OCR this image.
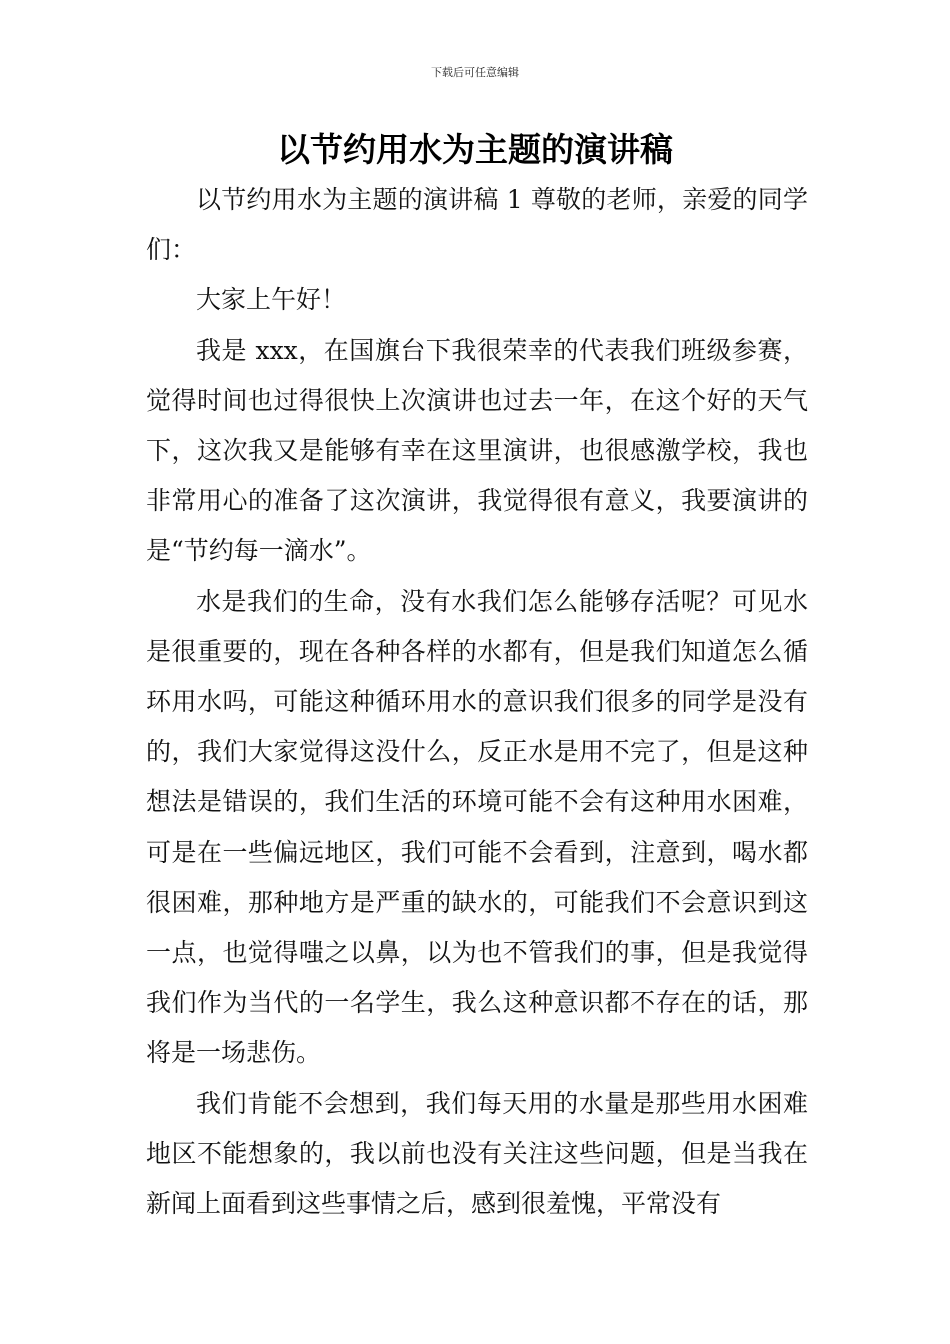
下载后可任意编辑
以节约用水为主题的演讲稿

以节约用水为主题的演讲稿 1 尊敬的老师，亲爱的同学们：

大家上午好！

我是 xxx，在国旗台下我很荣幸的代表我们班级参赛，觉得时间也过得很快上次演讲也过去一年，在这个好的天气下，这次我又是能够有幸在这里演讲，也很感激学校，我也非常用心的准备了这次演讲，我觉得很有意义，我要演讲的是“节约每一滴水”。

水是我们的生命，没有水我们怎么能够存活呢？可见水是很重要的，现在各种各样的水都有，但是我们知道怎么循环用水吗，可能这种循环用水的意识我们很多的同学是没有的，我们大家觉得这没什么，反正水是用不完了，但是这种想法是错误的，我们生活的环境可能不会有这种用水困难，可是在一些偏远地区，我们可能不会看到，注意到，喝水都很困难，那种地方是严重的缺水的，可能我们不会意识到这一点，也觉得嗤之以鼻，以为也不管我们的事，但是我觉得我们作为当代的一名学生，我么这种意识都不存在的话，那将是一场悲伤。

我们肯能不会想到，我们每天用的水量是那些用水困难地区不能想象的，我以前也没有关注这些问题，但是当我在新闻上面看到这些事情之后，感到很羞愧，平常没有
